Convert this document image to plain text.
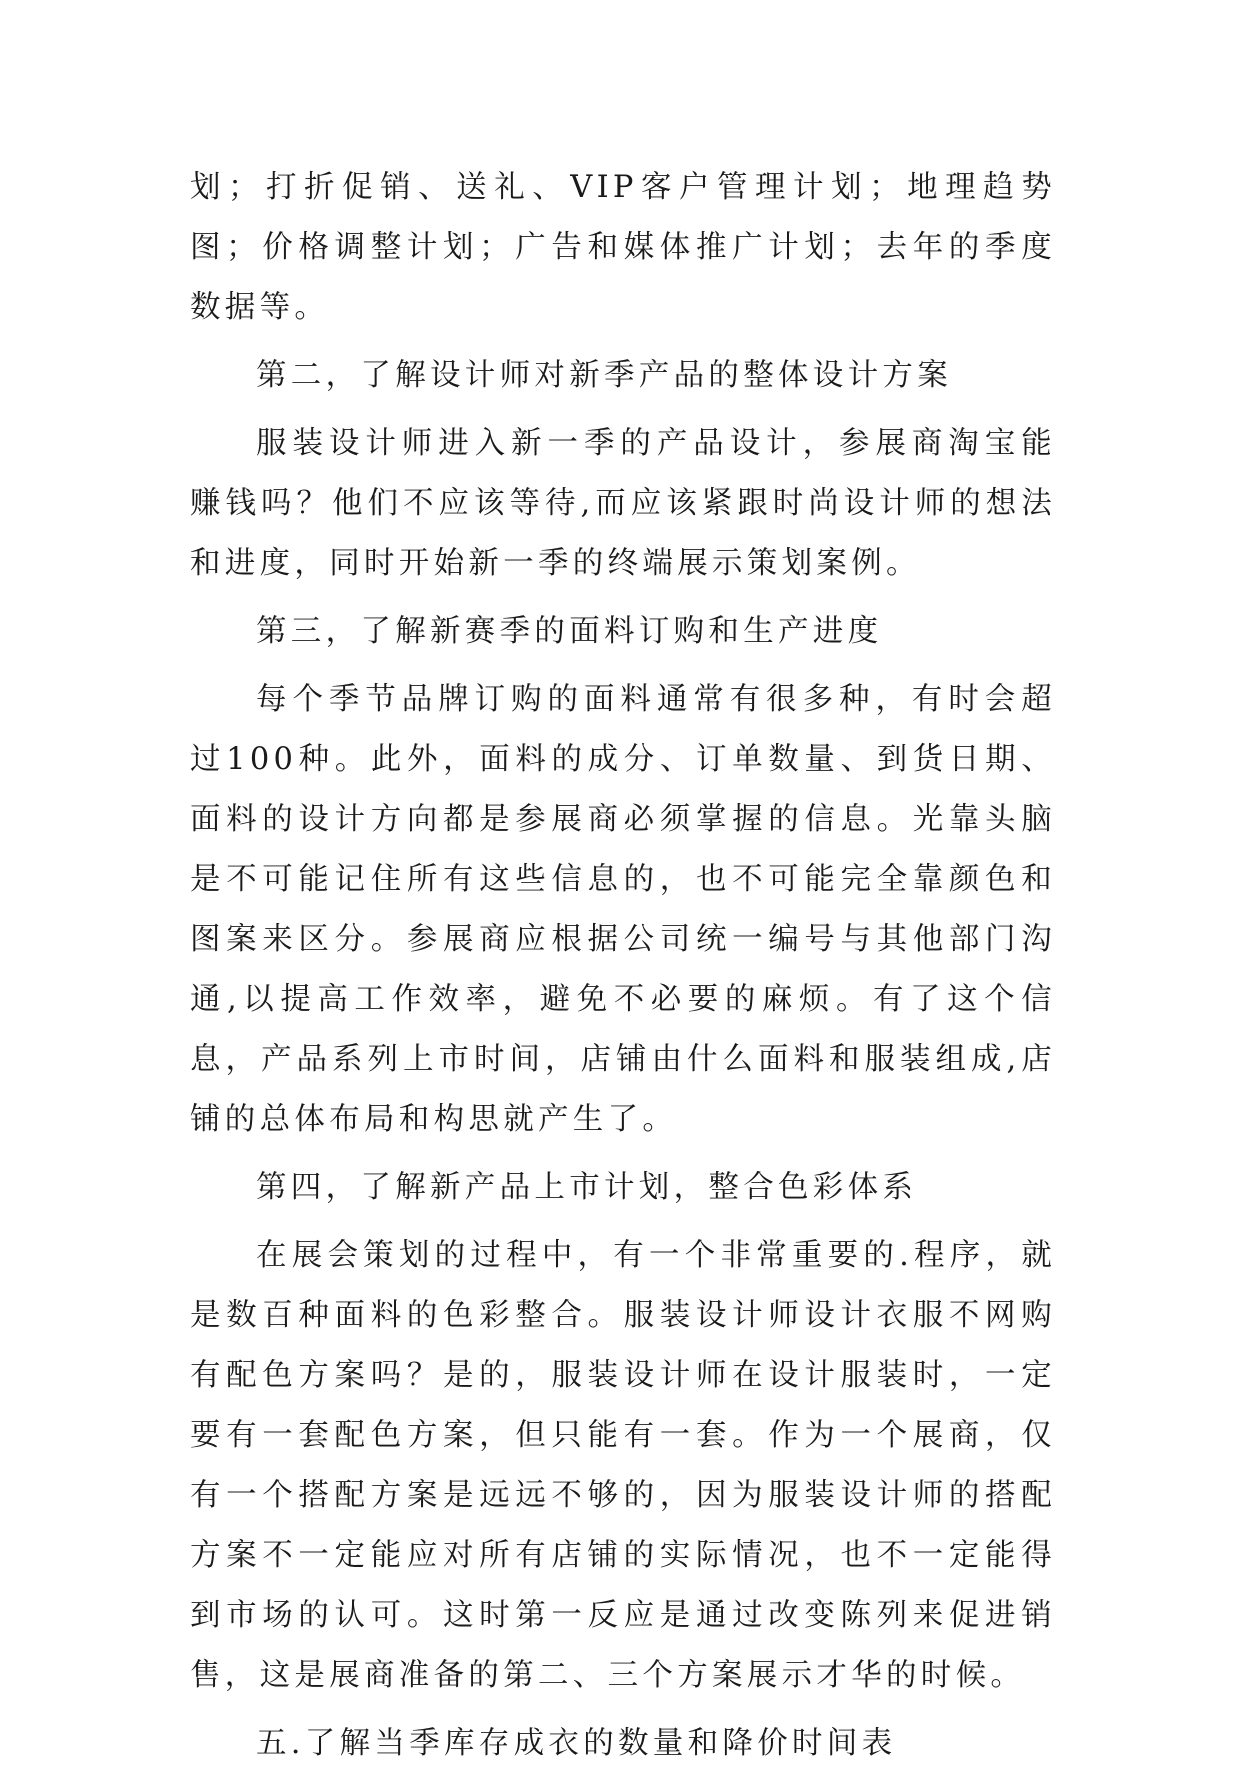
划；打折促销、送礼、VIP客户管理计划；地理趋势图；价格调整计划；广告和媒体推广计划；去年的季度数据等。

第二，了解设计师对新季产品的整体设计方案

服装设计师进入新一季的产品设计，参展商淘宝能赚钱吗？他们不应该等待,而应该紧跟时尚设计师的想法和进度，同时开始新一季的终端展示策划案例。

第三，了解新赛季的面料订购和生产进度

每个季节品牌订购的面料通常有很多种，有时会超过100种。此外，面料的成分、订单数量、到货日期、面料的设计方向都是参展商必须掌握的信息。光靠头脑是不可能记住所有这些信息的，也不可能完全靠颜色和图案来区分。参展商应根据公司统一编号与其他部门沟通,以提高工作效率，避免不必要的麻烦。有了这个信息，产品系列上市时间，店铺由什么面料和服装组成,店铺的总体布局和构思就产生了。

第四，了解新产品上市计划，整合色彩体系

在展会策划的过程中，有一个非常重要的.程序，就是数百种面料的色彩整合。服装设计师设计衣服不网购有配色方案吗？是的，服装设计师在设计服装时，一定要有一套配色方案，但只能有一套。作为一个展商，仅有一个搭配方案是远远不够的，因为服装设计师的搭配方案不一定能应对所有店铺的实际情况，也不一定能得到市场的认可。这时第一反应是通过改变陈列来促进销售，这是展商准备的第二、三个方案展示才华的时候。

五.了解当季库存成衣的数量和降价时间表
